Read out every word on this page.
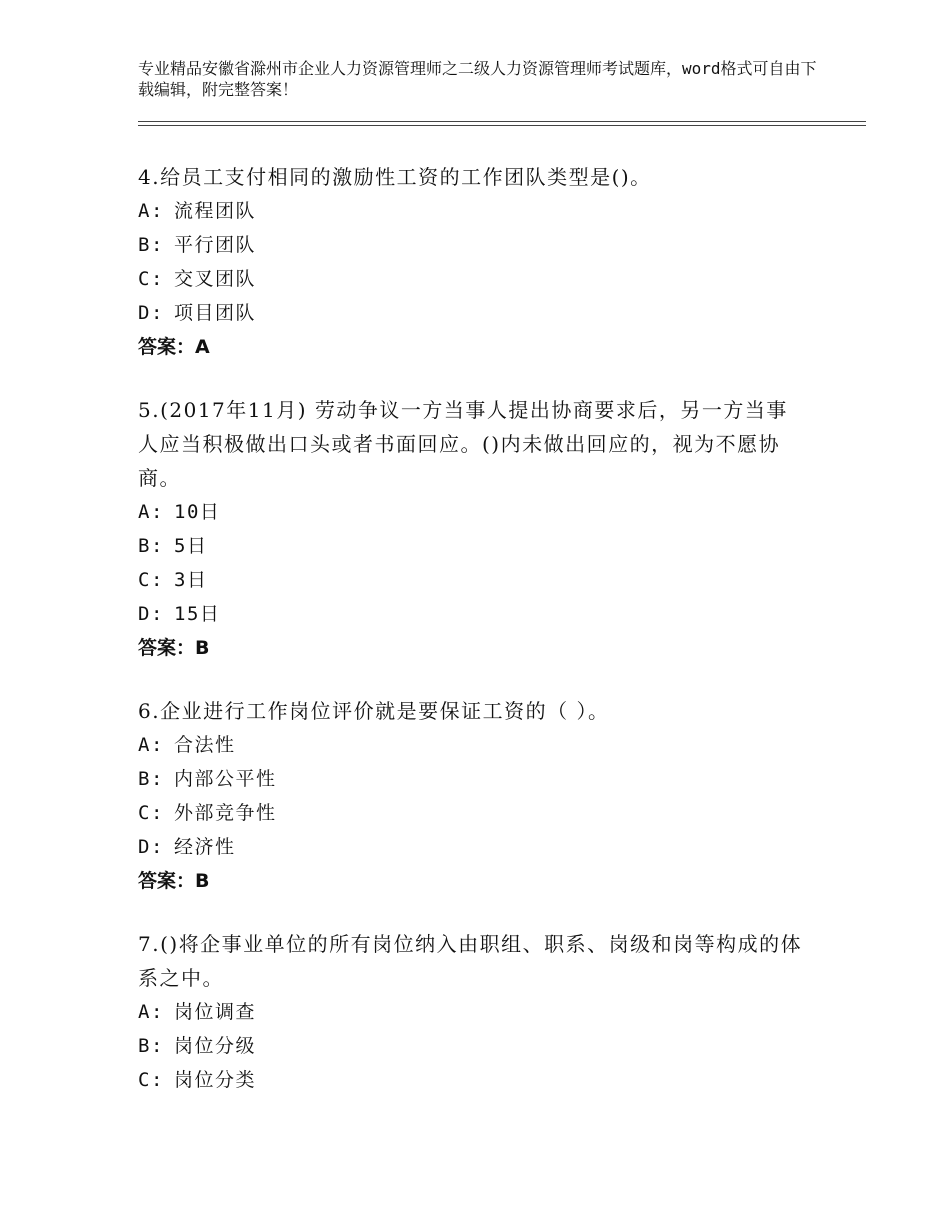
专业精品安徽省滁州市企业人力资源管理师之二级人力资源管理师考试题库，word格式可自由下载编辑，附完整答案！

4.给员工支付相同的激励性工资的工作团队类型是()。

A: 流程团队
B: 平行团队
C: 交叉团队
D: 项目团队
答案：A

5.(2017年11月) 劳动争议一方当事人提出协商要求后，另一方当事人应当积极做出口头或者书面回应。()内未做出回应的，视为不愿协商。

A: 10日
B: 5日
C: 3日
D: 15日
答案：B

6.企业进行工作岗位评价就是要保证工资的（ ）。

A: 合法性
B: 内部公平性
C: 外部竞争性
D: 经济性
答案：B

7.()将企事业单位的所有岗位纳入由职组、职系、岗级和岗等构成的体系之中。

A: 岗位调查
B: 岗位分级
C: 岗位分类
